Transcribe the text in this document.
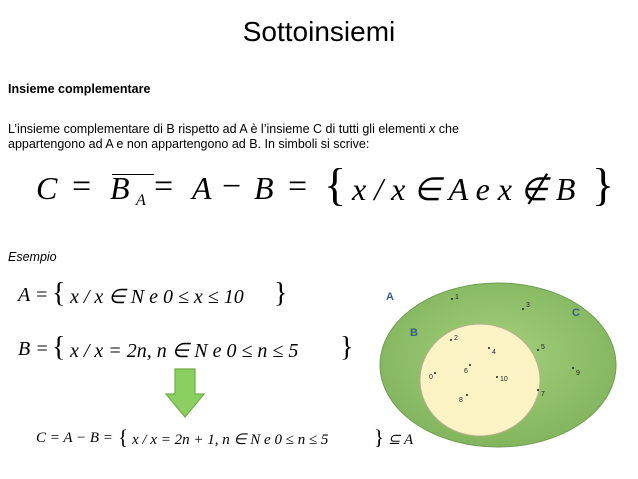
Sottoinsiemi
Insieme complementare
L’insieme complementare di B rispetto ad A è l’insieme C di tutti gli elementi x che
appartengono ad A e non appartengono ad B. In simboli si scrive:
C = B A = A − B = { x / x ∈ A e x ∉ B }
Esempio
A = { x / x ∈ N e 0 ≤ x ≤ 10 }
B = { x / x = 2n, n ∈ N e 0 ≤ n ≤ 5 }
C = A − B = { x / x = 2n + 1, n ∈ N e 0 ≤ n ≤ 5 } ⊆ A
A
B
C
1
3
5
9
7
2
4
0
6
10
8
